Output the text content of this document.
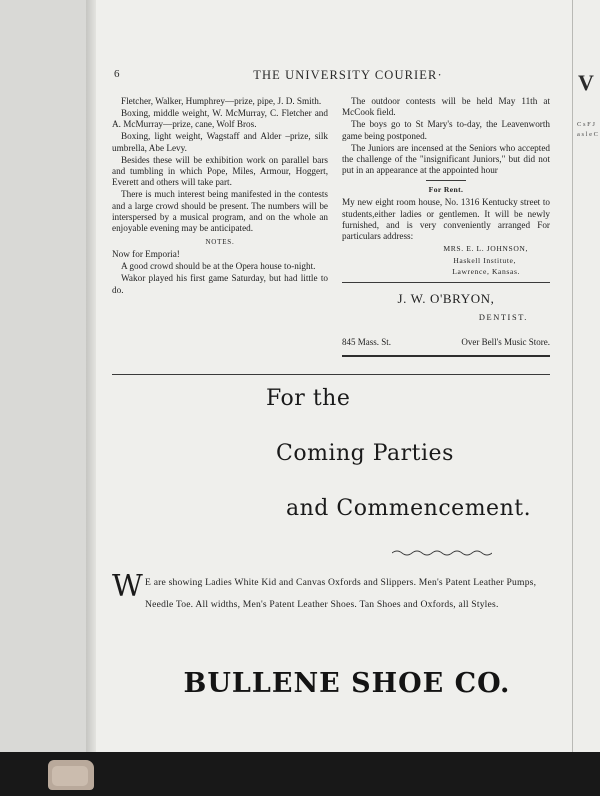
6	THE UNIVERSITY COURIER·

Fletcher, Walker, Humphrey—prize, pipe, J. D. Smith.

Boxing, middle weight, W. McMurray, C. Fletcher and A. McMurray—prize, cane, Wolf Bros.

Boxing, light weight, Wagstaff and Alder –prize, silk umbrella, Abe Levy.

Besides these will be exhibition work on parallel bars and tumbling in which Pope, Miles, Armour, Hoggert, Everett and others will take part.

There is much interest being manifested in the contests and a large crowd should be present. The numbers will be interspersed by a musical program, and on the whole an enjoyable evening may be anticipated.

NOTES.

Now for Emporia!

A good crowd should be at the Opera house to-night.

Wakor played his first game Saturday, but had little to do.

The outdoor contests will be held May 11th at McCook field.

The boys go to St Mary's to-day, the Leavenworth game being postponed.

The Juniors are incensed at the Seniors who accepted the challenge of the "insignificant Juniors," but did not put in an appearance at the appointed hour

For Rent.

My new eight room house, No. 1316 Kentucky street to students,either ladies or gentlemen. It will be newly furnished, and is very conveniently arranged For particulars address:

MRS. E. L. JOHNSON,
Haskell Institute,
Lawrence, Kansas.
J. W. O'BRYON,
DENTIST.
845 Mass. St.	Over Bell's Music Store.
For the
Coming Parties
and Commencement.
W E are showing Ladies White Kid and Canvas Oxfords and Slippers. Men's Patent Leather Pumps, Needle Toe. All widths, Men's Patent Leather Shoes. Tan Shoes and Oxfords, all Styles.
BULLENE SHOE CO.
V
C s F J a s l e C
